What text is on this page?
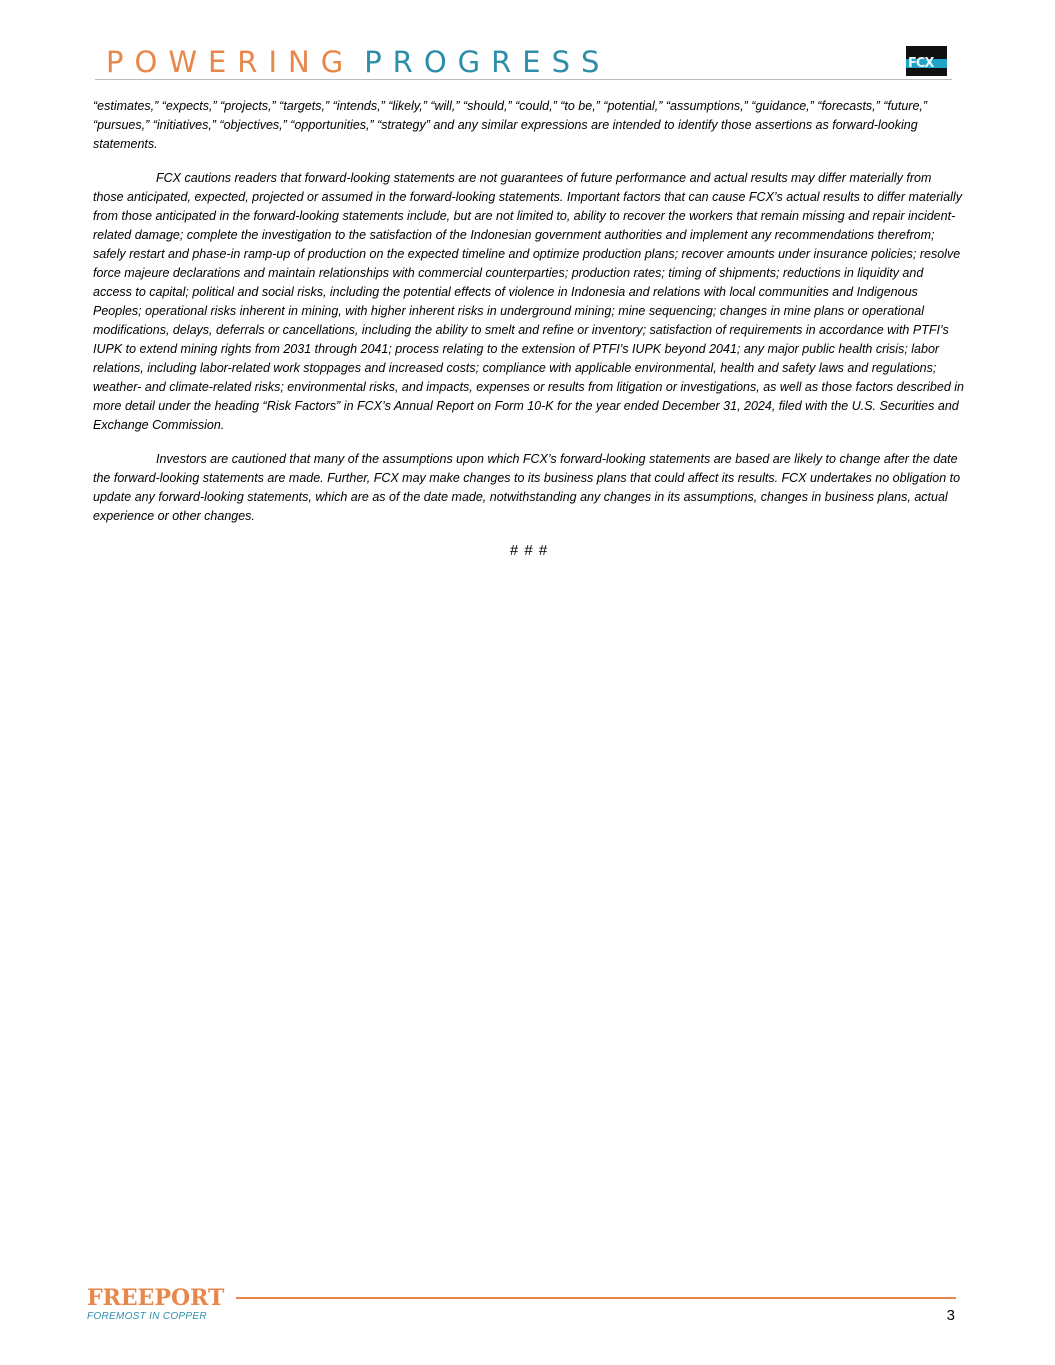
POWERING PROGRESS	FCX

“estimates,” “expects,” “projects,” “targets,” “intends,” “likely,” “will,” “should,” “could,” “to be,” “potential,” “assumptions,” “guidance,” “forecasts,” “future,” “pursues,” “initiatives,” “objectives,” “opportunities,” “strategy” and any similar expressions are intended to identify those assertions as forward-looking statements.

FCX cautions readers that forward-looking statements are not guarantees of future performance and actual results may differ materially from those anticipated, expected, projected or assumed in the forward-looking statements. Important factors that can cause FCX’s actual results to differ materially from those anticipated in the forward-looking statements include, but are not limited to, ability to recover the workers that remain missing and repair incident-related damage; complete the investigation to the satisfaction of the Indonesian government authorities and implement any recommendations therefrom; safely restart and phase-in ramp-up of production on the expected timeline and optimize production plans; recover amounts under insurance policies; resolve force majeure declarations and maintain relationships with commercial counterparties; production rates; timing of shipments; reductions in liquidity and access to capital; political and social risks, including the potential effects of violence in Indonesia and relations with local communities and Indigenous Peoples; operational risks inherent in mining, with higher inherent risks in underground mining; mine sequencing; changes in mine plans or operational modifications, delays, deferrals or cancellations, including the ability to smelt and refine or inventory; satisfaction of requirements in accordance with PTFI’s IUPK to extend mining rights from 2031 through 2041; process relating to the extension of PTFI’s IUPK beyond 2041; any major public health crisis; labor relations, including labor-related work stoppages and increased costs; compliance with applicable environmental, health and safety laws and regulations; weather- and climate-related risks; environmental risks, and impacts, expenses or results from litigation or investigations, as well as those factors described in more detail under the heading “Risk Factors” in FCX’s Annual Report on Form 10-K for the year ended December 31, 2024, filed with the U.S. Securities and Exchange Commission.

Investors are cautioned that many of the assumptions upon which FCX’s forward-looking statements are based are likely to change after the date the forward-looking statements are made. Further, FCX may make changes to its business plans that could affect its results. FCX undertakes no obligation to update any forward-looking statements, which are as of the date made, notwithstanding any changes in its assumptions, changes in business plans, actual experience or other changes.

# # #
FREEPORT
FOREMOST IN COPPER	3
